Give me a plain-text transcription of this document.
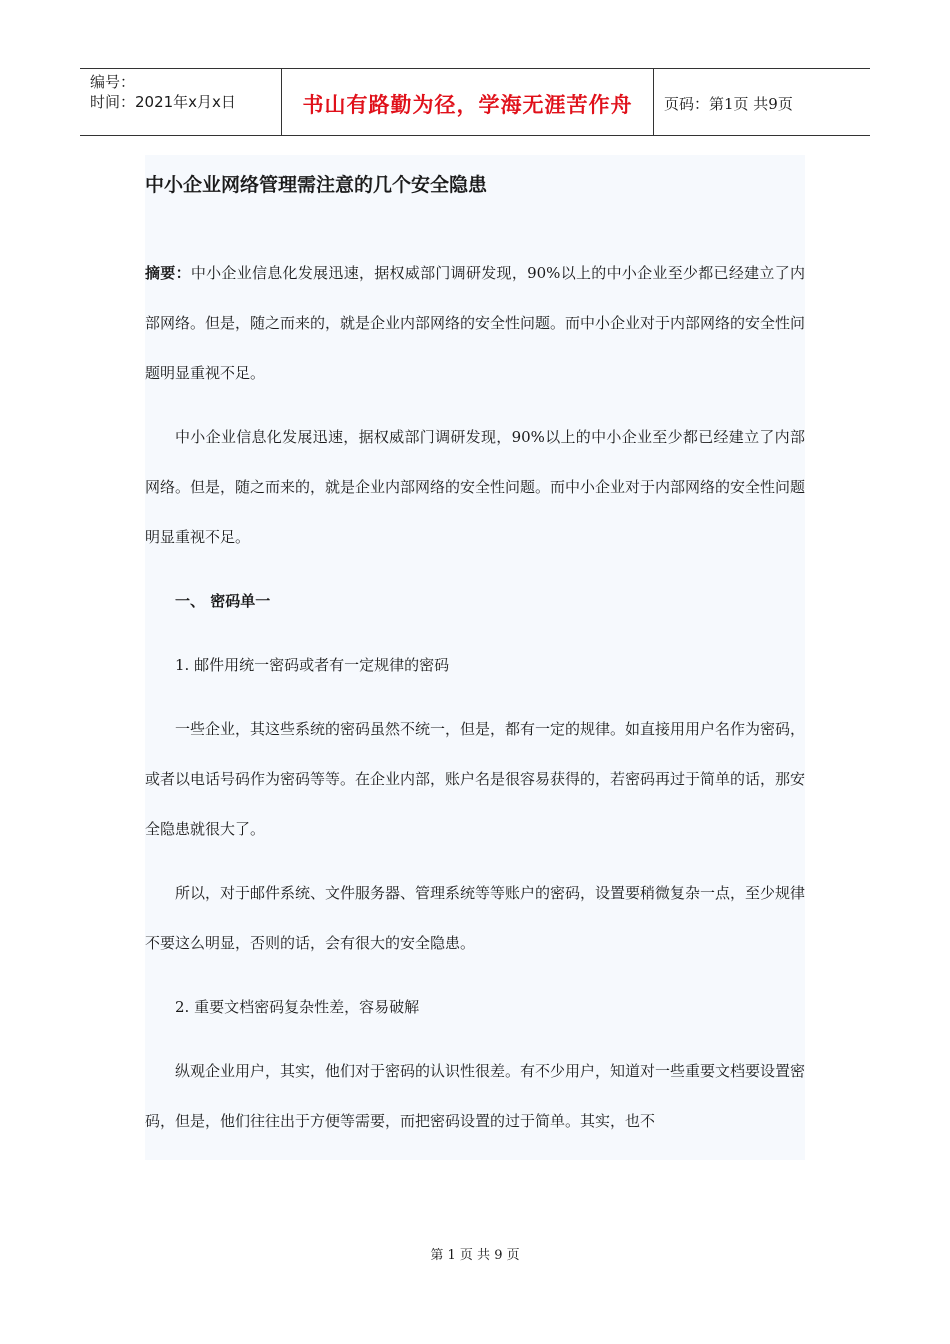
编号：
时间：2021年x月x日	书山有路勤为径，学海无涯苦作舟	页码：第1页 共9页
中小企业网络管理需注意的几个安全隐患

摘要：中小企业信息化发展迅速，据权威部门调研发现，90%以上的中小企业至少都已经建立了内部网络。但是，随之而来的，就是企业内部网络的安全性问题。而中小企业对于内部网络的安全性问题明显重视不足。

中小企业信息化发展迅速，据权威部门调研发现，90%以上的中小企业至少都已经建立了内部网络。但是，随之而来的，就是企业内部网络的安全性问题。而中小企业对于内部网络的安全性问题明显重视不足。

一、 密码单一

1. 邮件用统一密码或者有一定规律的密码

一些企业，其这些系统的密码虽然不统一，但是，都有一定的规律。如直接用用户名作为密码，或者以电话号码作为密码等等。在企业内部，账户名是很容易获得的，若密码再过于简单的话，那安全隐患就很大了。

所以，对于邮件系统、文件服务器、管理系统等等账户的密码，设置要稍微复杂一点，至少规律不要这么明显，否则的话，会有很大的安全隐患。

2. 重要文档密码复杂性差，容易破解

纵观企业用户，其实，他们对于密码的认识性很差。有不少用户，知道对一些重要文档要设置密码，但是，他们往往出于方便等需要，而把密码设置的过于简单。其实，也不

第 1 页 共 9 页
